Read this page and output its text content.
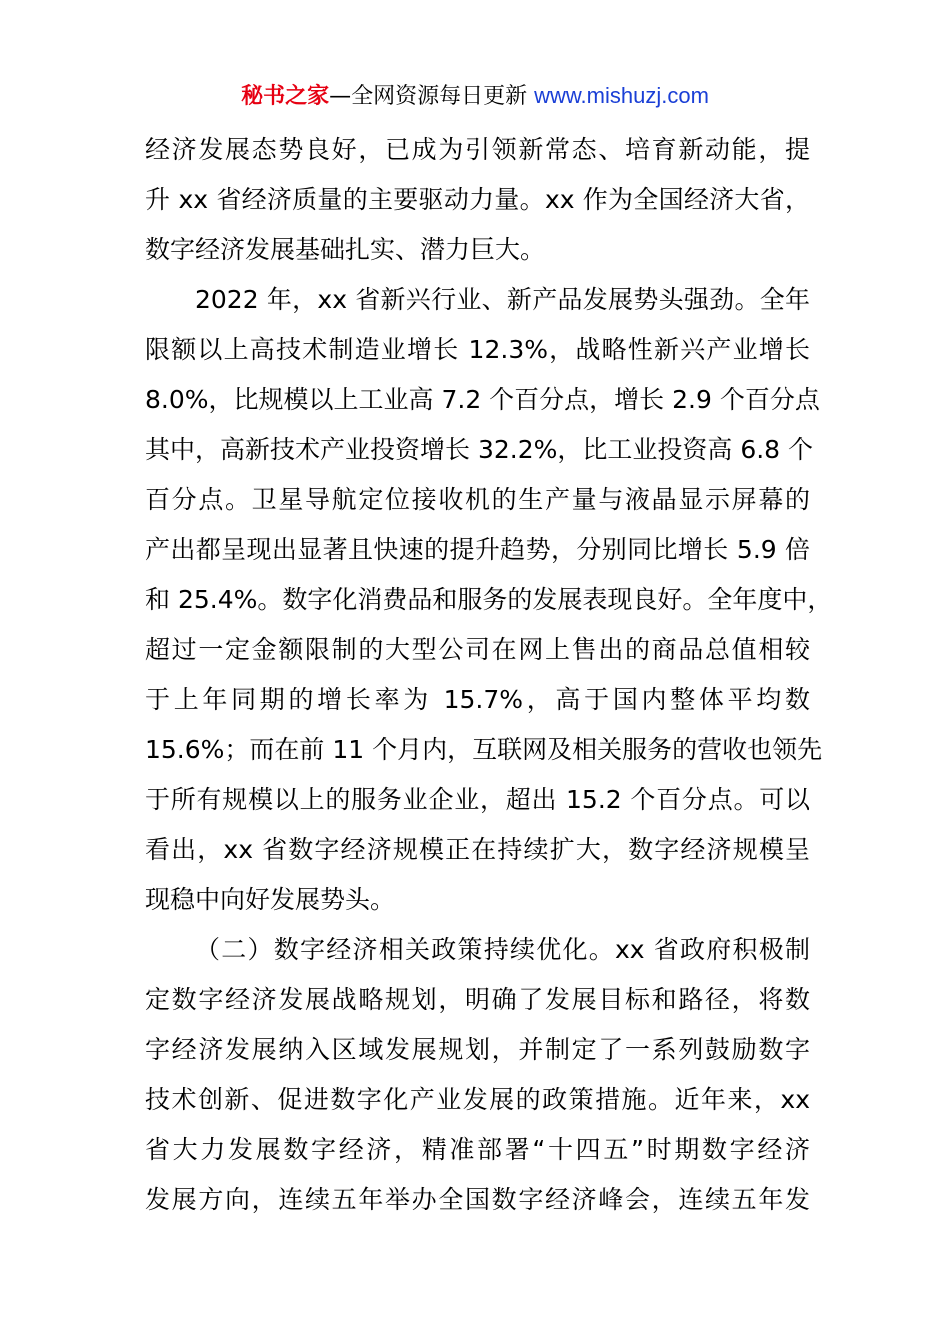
秘书之家—全网资源每日更新 www.mishuzj.com
经济发展态势良好，已成为引领新常态、培育新动能，提
升 xx 省经济质量的主要驱动力量。xx 作为全国经济大省，
数字经济发展基础扎实、潜力巨大。
2022 年，xx 省新兴行业、新产品发展势头强劲。全年
限额以上高技术制造业增长 12.3%，战略性新兴产业增长
8.0%，比规模以上工业高 7.2 个百分点，增长 2.9 个百分点
其中，高新技术产业投资增长 32.2%，比工业投资高 6.8 个
百分点。卫星导航定位接收机的生产量与液晶显示屏幕的
产出都呈现出显著且快速的提升趋势，分别同比增长 5.9 倍
和 25.4%。数字化消费品和服务的发展表现良好。全年度中，
超过一定金额限制的大型公司在网上售出的商品总值相较
于上年同期的增长率为 15.7%，高于国内整体平均数
15.6%；而在前 11 个月内，互联网及相关服务的营收也领先
于所有规模以上的服务业企业，超出 15.2 个百分点。可以
看出，xx 省数字经济规模正在持续扩大，数字经济规模呈
现稳中向好发展势头。
（二）数字经济相关政策持续优化。xx 省政府积极制
定数字经济发展战略规划，明确了发展目标和路径，将数
字经济发展纳入区域发展规划，并制定了一系列鼓励数字
技术创新、促进数字化产业发展的政策措施。近年来，xx
省大力发展数字经济，精准部署“十四五”时期数字经济
发展方向，连续五年举办全国数字经济峰会，连续五年发
